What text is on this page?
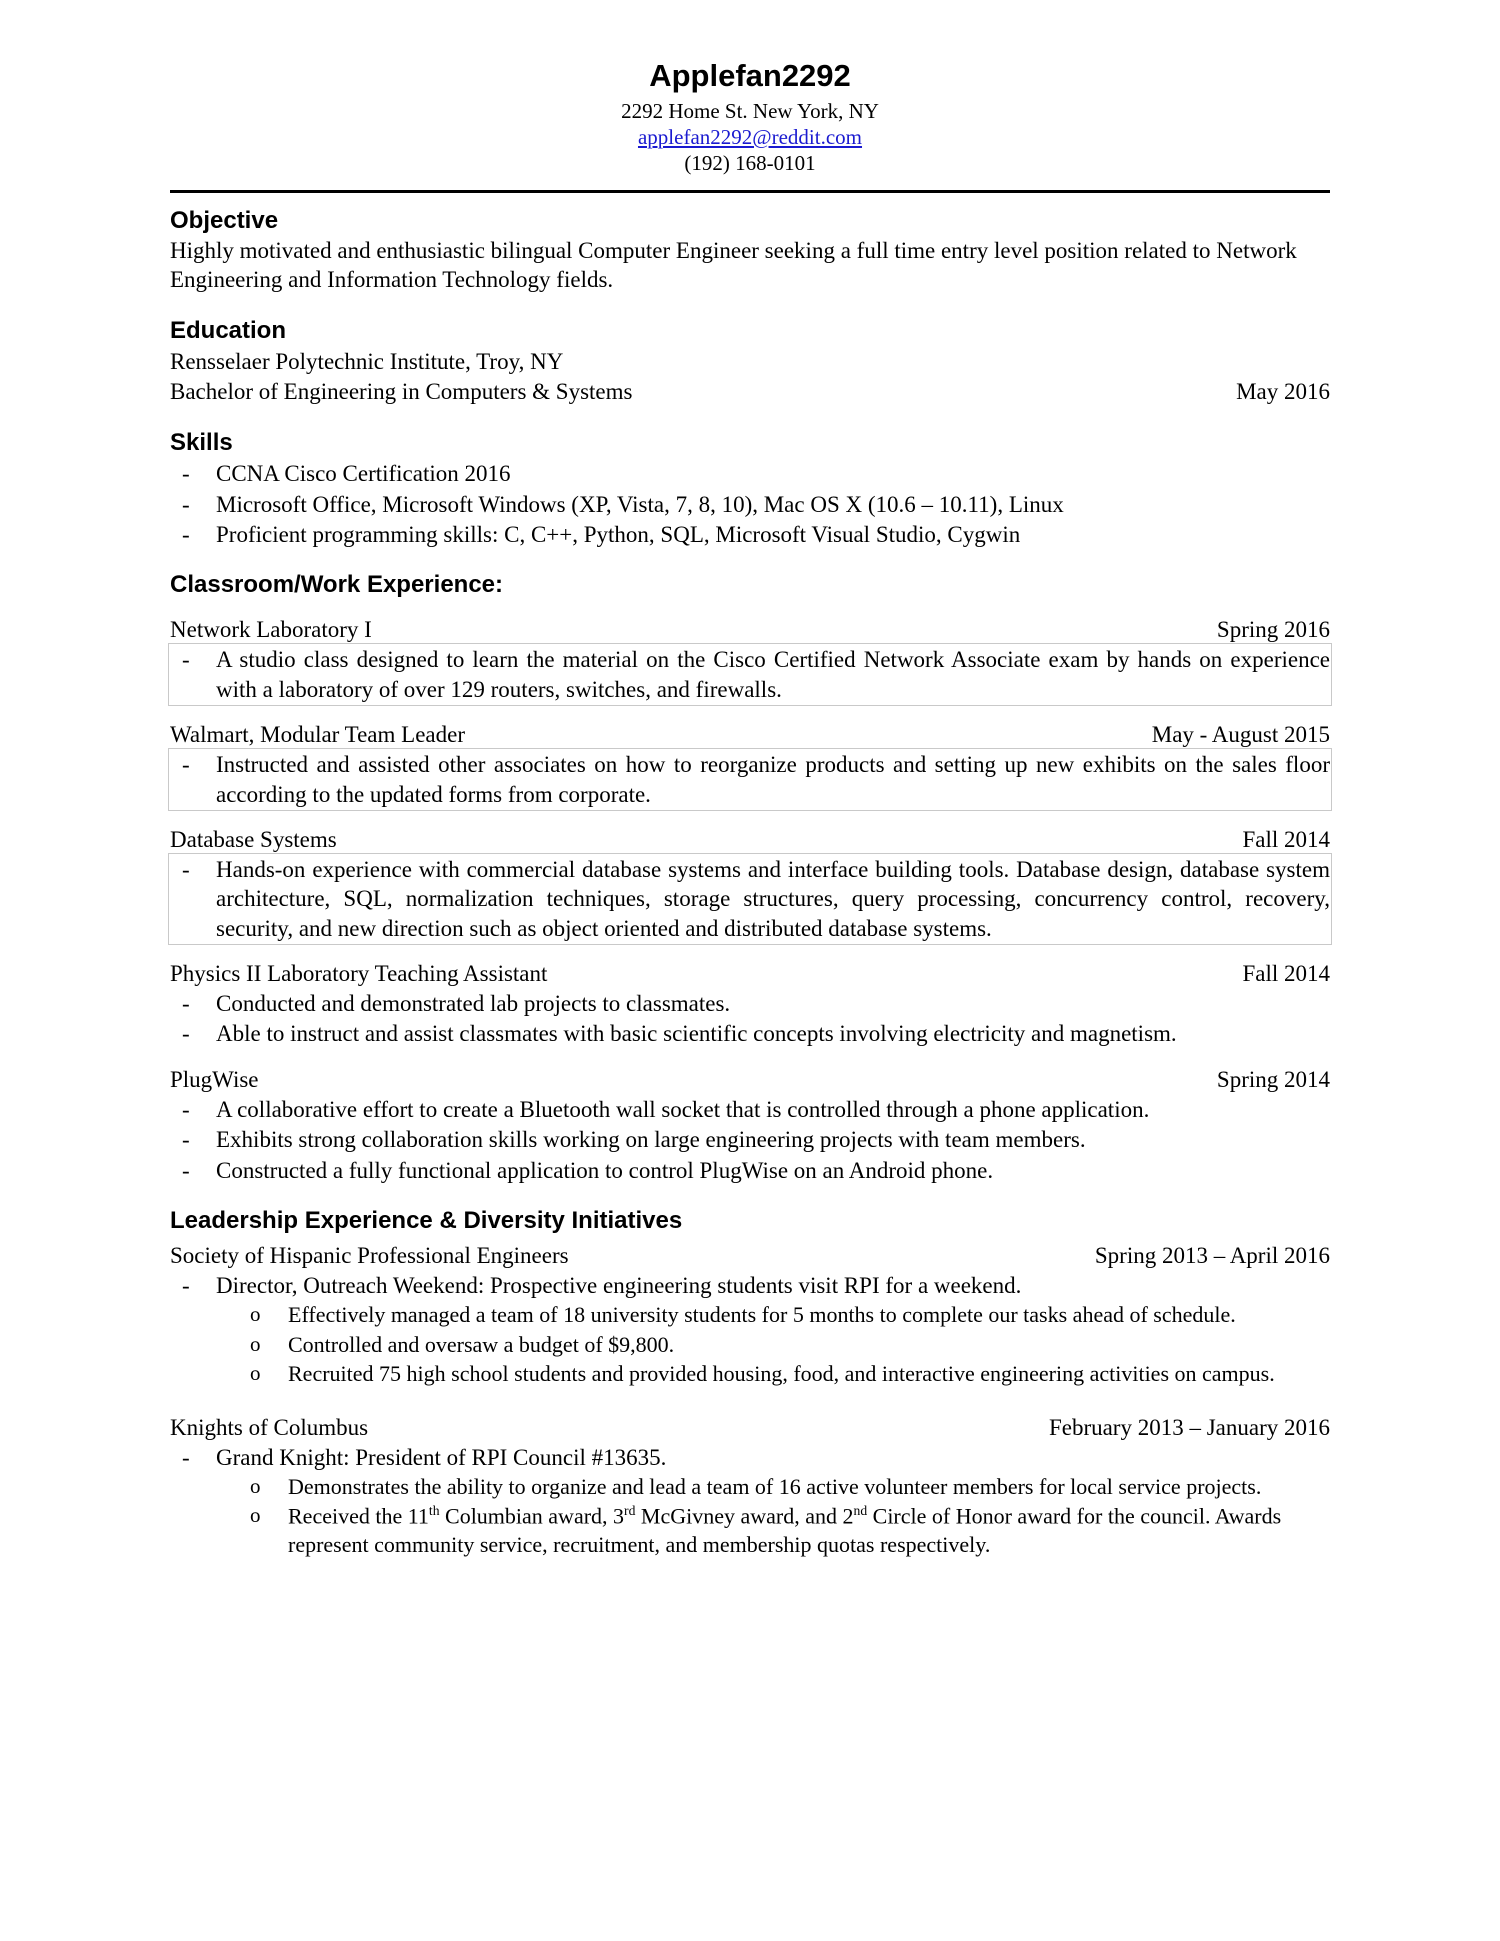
Applefan2292
2292 Home St. New York, NY
applefan2292@reddit.com
(192) 168-0101
Objective

Highly motivated and enthusiastic bilingual Computer Engineer seeking a full time entry level position related to Network Engineering and Information Technology fields.

Education
Rensselaer Polytechnic Institute, Troy, NY
Bachelor of Engineering in Computers & Systems	May 2016
Skills
- CCNA Cisco Certification 2016
- Microsoft Office, Microsoft Windows (XP, Vista, 7, 8, 10), Mac OS X (10.6 – 10.11), Linux
- Proficient programming skills: C, C++, Python, SQL, Microsoft Visual Studio, Cygwin
Classroom/Work Experience:
Network Laboratory I	Spring 2016
- A studio class designed to learn the material on the Cisco Certified Network Associate exam by hands on experience with a laboratory of over 129 routers, switches, and firewalls.
Walmart, Modular Team Leader	May - August 2015
- Instructed and assisted other associates on how to reorganize products and setting up new exhibits on the sales floor according to the updated forms from corporate.
Database Systems	Fall 2014
- Hands-on experience with commercial database systems and interface building tools. Database design, database system architecture, SQL, normalization techniques, storage structures, query processing, concurrency control, recovery, security, and new direction such as object oriented and distributed database systems.
Physics II Laboratory Teaching Assistant	Fall 2014
- Conducted and demonstrated lab projects to classmates.
- Able to instruct and assist classmates with basic scientific concepts involving electricity and magnetism.
PlugWise	Spring 2014
- A collaborative effort to create a Bluetooth wall socket that is controlled through a phone application.
- Exhibits strong collaboration skills working on large engineering projects with team members.
- Constructed a fully functional application to control PlugWise on an Android phone.
Leadership Experience & Diversity Initiatives
Society of Hispanic Professional Engineers	Spring 2013 – April 2016
- Director, Outreach Weekend: Prospective engineering students visit RPI for a weekend.
o Effectively managed a team of 18 university students for 5 months to complete our tasks ahead of schedule.
o Controlled and oversaw a budget of $9,800.
o Recruited 75 high school students and provided housing, food, and interactive engineering activities on campus.
Knights of Columbus	February 2013 – January 2016
- Grand Knight: President of RPI Council #13635.
o Demonstrates the ability to organize and lead a team of 16 active volunteer members for local service projects.
o Received the 11th Columbian award, 3rd McGivney award, and 2nd Circle of Honor award for the council. Awards represent community service, recruitment, and membership quotas respectively.
